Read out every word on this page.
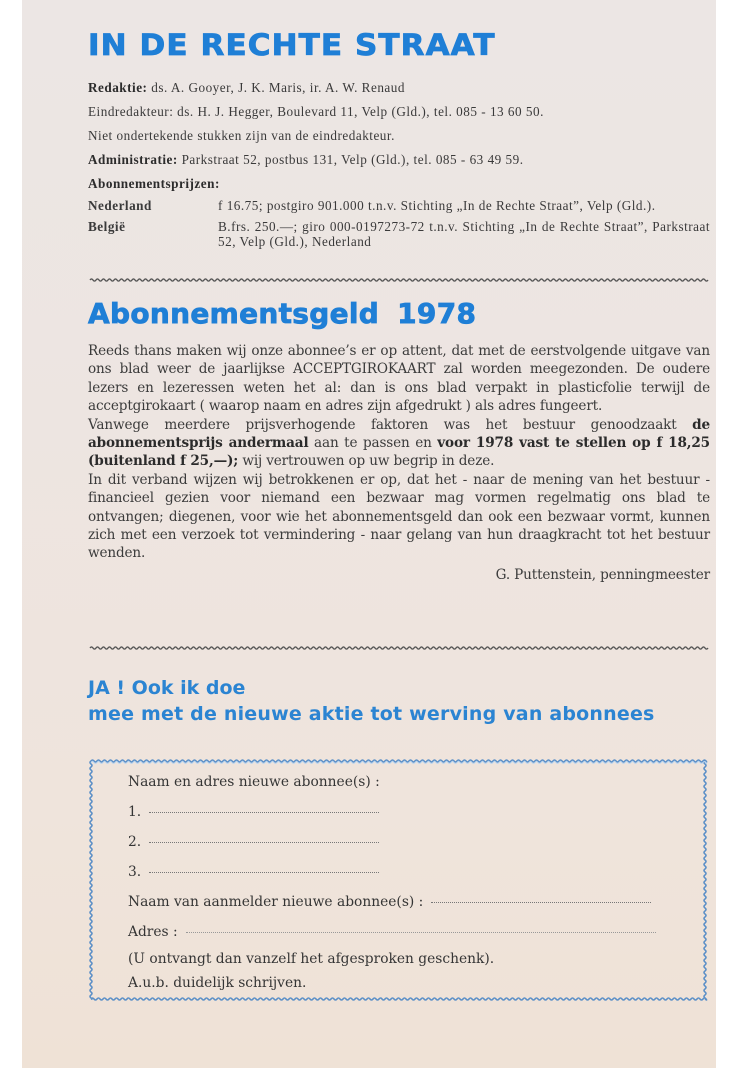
IN DE RECHTE STRAAT
Redaktie: ds. A. Gooyer, J. K. Maris, ir. A. W. Renaud
Eindredakteur: ds. H. J. Hegger, Boulevard 11, Velp (Gld.), tel. 085 - 13 60 50.
Niet ondertekende stukken zijn van de eindredakteur.
Administratie: Parkstraat 52, postbus 131, Velp (Gld.), tel. 085 - 63 49 59.
Abonnementsprijzen:
Nederland	f 16.75; postgiro 901.000 t.n.v. Stichting „In de Rechte Straat”, Velp (Gld.).
België	B.frs. 250.—; giro 000-0197273-72 t.n.v. Stichting „In de Rechte Straat”, Parkstraat 52, Velp (Gld.), Nederland
Abonnementsgeld 1978

Reeds thans maken wij onze abonnee’s er op attent, dat met de eerstvolgende uitgave van ons blad weer de jaarlijkse ACCEPTGIROKAART zal worden meegezonden. De oudere lezers en lezeressen weten het al: dan is ons blad verpakt in plasticfolie terwijl de acceptgirokaart ( waarop naam en adres zijn afgedrukt ) als adres fungeert.

Vanwege meerdere prijsverhogende faktoren was het bestuur genoodzaakt de abonnementsprijs andermaal aan te passen en voor 1978 vast te stellen op f 18,25 (buitenland f 25,—); wij vertrouwen op uw begrip in deze.

In dit verband wijzen wij betrokkenen er op, dat het - naar de mening van het bestuur - financieel gezien voor niemand een bezwaar mag vormen regelmatig ons blad te ontvangen; diegenen, voor wie het abonnementsgeld dan ook een bezwaar vormt, kunnen zich met een verzoek tot vermindering - naar gelang van hun draagkracht tot het bestuur wenden.

G. Puttenstein, penningmeester

JA ! Ook ik doe
mee met de nieuwe aktie tot werving van abonnees
Naam en adres nieuwe abonnee(s) :
1.
2.
3.
Naam van aanmelder nieuwe abonnee(s) :
Adres :
(U ontvangt dan vanzelf het afgesproken geschenk).
A.u.b. duidelijk schrijven.
